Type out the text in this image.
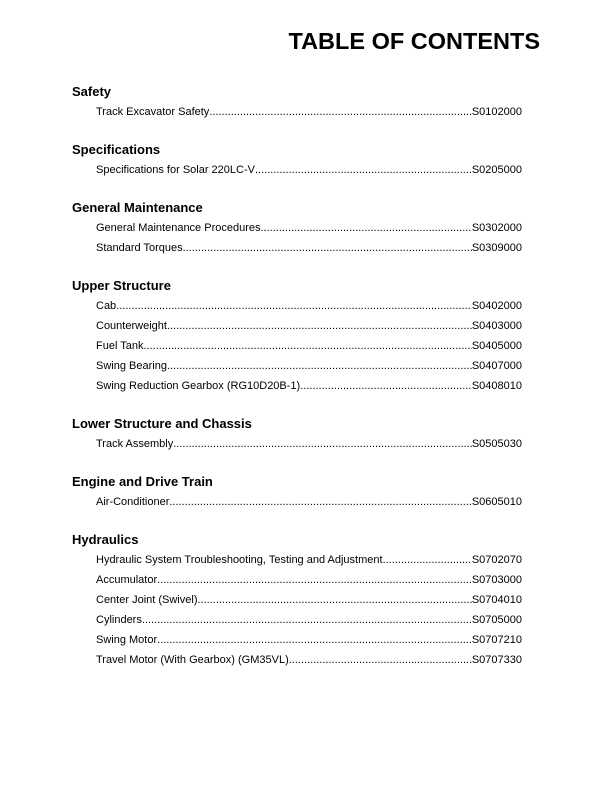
TABLE OF CONTENTS
Safety
Track Excavator Safety .....	S0102000
Specifications
Specifications for Solar 220LC-V .....	S0205000
General Maintenance
General Maintenance Procedures .....	S0302000
Standard Torques .....	S0309000
Upper Structure
Cab .....	S0402000
Counterweight .....	S0403000
Fuel Tank .....	S0405000
Swing Bearing .....	S0407000
Swing Reduction Gearbox (RG10D20B-1) .....	S0408010
Lower Structure and Chassis
Track Assembly .....	S0505030
Engine and Drive Train
Air-Conditioner .....	S0605010
Hydraulics
Hydraulic System Troubleshooting, Testing and Adjustment .....	S0702070
Accumulator .....	S0703000
Center Joint (Swivel) .....	S0704010
Cylinders .....	S0705000
Swing Motor .....	S0707210
Travel Motor (With Gearbox) (GM35VL) .....	S0707330
